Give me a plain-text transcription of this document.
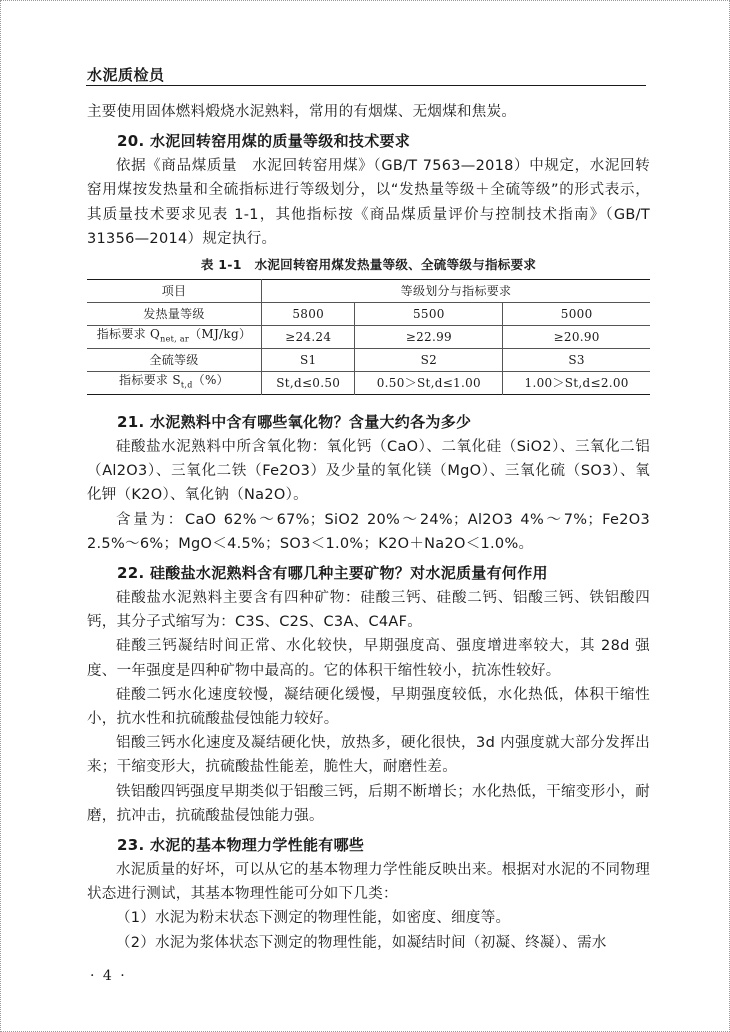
水泥质检员

主要使用固体燃料煅烧水泥熟料，常用的有烟煤、无烟煤和焦炭。

20. 水泥回转窑用煤的质量等级和技术要求

依据《商品煤质量　水泥回转窑用煤》（GB/T 7563—2018）中规定，水泥回转窑用煤按发热量和全硫指标进行等级划分，以“发热量等级＋全硫等级”的形式表示，其质量技术要求见表 1-1，其他指标按《商品煤质量评价与控制技术指南》（GB/T 31356—2014）规定执行。

表 1-1　水泥回转窑用煤发热量等级、全硫等级与指标要求
项目	等级划分与指标要求		
发热量等级	5800	5500	5000
指标要求 $Q_{net, ar}(MJ/kg)$	≥24.24	≥22.99	≥20.90
全硫等级	S1	S2	S3
指标要求 $S_{t,d}(\%)$	St,d≤0.50	0.50＞St,d≤1.00	1.00＞St,d≤2.00
21. 水泥熟料中含有哪些氧化物？含量大约各为多少

硅酸盐水泥熟料中所含氧化物：氧化钙（CaO）、二氧化硅（SiO2）、三氧化二铝（Al2O3）、三氧化二铁（Fe2O3）及少量的氧化镁（MgO）、三氧化硫（SO3）、氧化钾（K2O）、氧化钠（Na2O）。

含量为：CaO 62%～67%；SiO2 20%～24%；Al2O3 4%～7%；Fe2O3 2.5%～6%；MgO＜4.5%；SO3＜1.0%；K2O＋Na2O＜1.0%。

22. 硅酸盐水泥熟料含有哪几种主要矿物？对水泥质量有何作用

硅酸盐水泥熟料主要含有四种矿物：硅酸三钙、硅酸二钙、铝酸三钙、铁铝酸四钙，其分子式缩写为：C3S、C2S、C3A、C4AF。

硅酸三钙凝结时间正常、水化较快，早期强度高、强度增进率较大，其 28d 强度、一年强度是四种矿物中最高的。它的体积干缩性较小，抗冻性较好。

硅酸二钙水化速度较慢，凝结硬化缓慢，早期强度较低，水化热低，体积干缩性小，抗水性和抗硫酸盐侵蚀能力较好。

铝酸三钙水化速度及凝结硬化快，放热多，硬化很快，3d 内强度就大部分发挥出来；干缩变形大，抗硫酸盐性能差，脆性大，耐磨性差。

铁铝酸四钙强度早期类似于铝酸三钙，后期不断增长；水化热低，干缩变形小，耐磨，抗冲击，抗硫酸盐侵蚀能力强。

23. 水泥的基本物理力学性能有哪些

水泥质量的好坏，可以从它的基本物理力学性能反映出来。根据对水泥的不同物理状态进行测试，其基本物理性能可分如下几类：

（1）水泥为粉末状态下测定的物理性能，如密度、细度等。

（2）水泥为浆体状态下测定的物理性能，如凝结时间（初凝、终凝）、需水

· 4 ·
